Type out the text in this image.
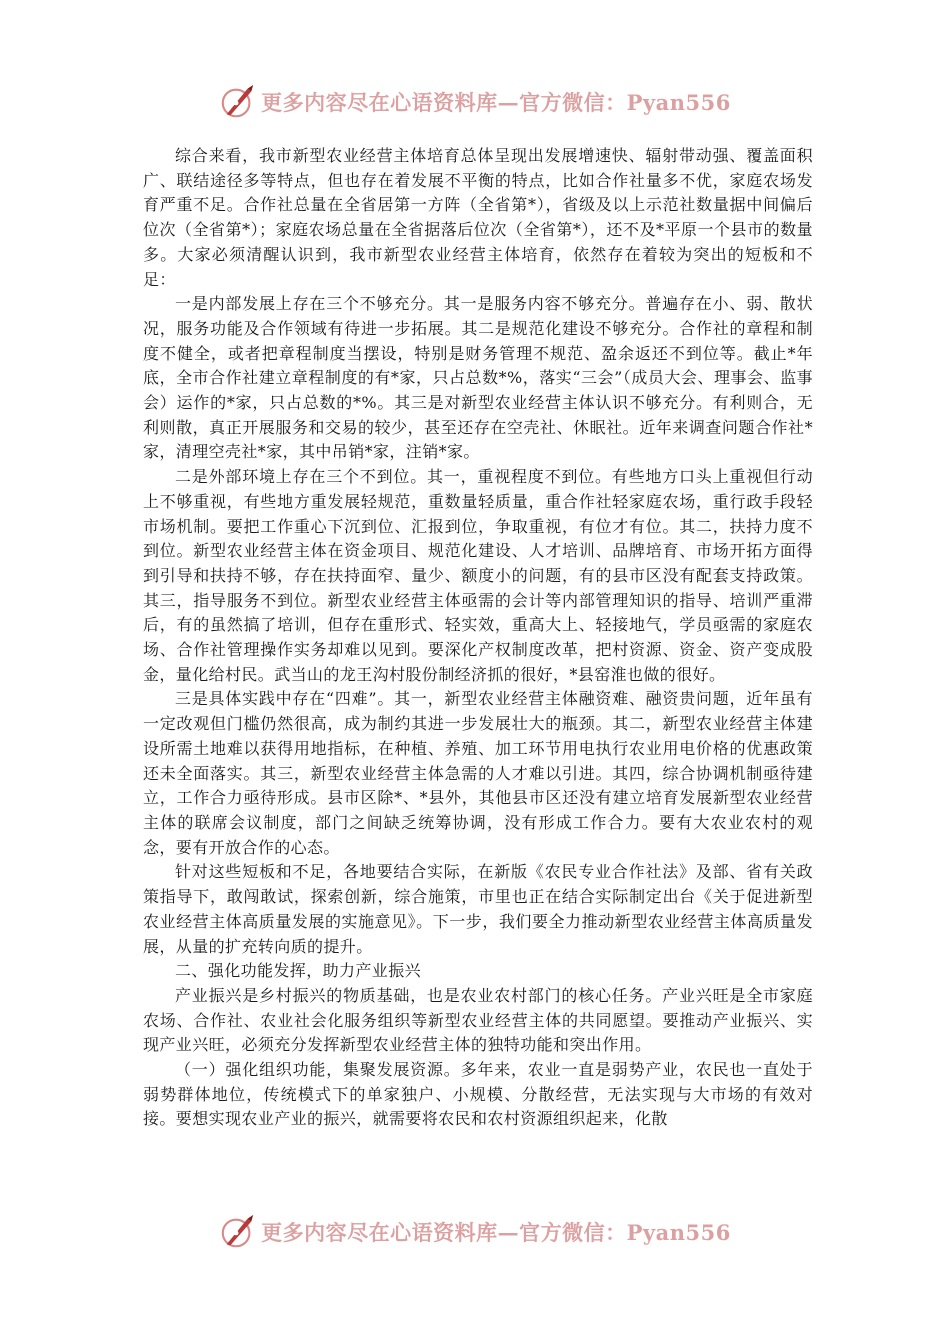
更多内容尽在心语资料库—官方微信：Pyan556

综合来看，我市新型农业经营主体培育总体呈现出发展增速快、辐射带动强、覆盖面积广、联结途径多等特点，但也存在着发展不平衡的特点，比如合作社量多不优，家庭农场发育严重不足。合作社总量在全省居第一方阵（全省第*），省级及以上示范社数量据中间偏后位次（全省第*）；家庭农场总量在全省据落后位次（全省第*），还不及*平原一个县市的数量多。大家必须清醒认识到，我市新型农业经营主体培育，依然存在着较为突出的短板和不足：

一是内部发展上存在三个不够充分。其一是服务内容不够充分。普遍存在小、弱、散状况，服务功能及合作领域有待进一步拓展。其二是规范化建设不够充分。合作社的章程和制度不健全，或者把章程制度当摆设，特别是财务管理不规范、盈余返还不到位等。截止*年底，全市合作社建立章程制度的有*家，只占总数*%，落实“三会”（成员大会、理事会、监事会）运作的*家，只占总数的*%。其三是对新型农业经营主体认识不够充分。有利则合，无利则散，真正开展服务和交易的较少，甚至还存在空壳社、休眠社。近年来调查问题合作社*家，清理空壳社*家，其中吊销*家，注销*家。

二是外部环境上存在三个不到位。其一，重视程度不到位。有些地方口头上重视但行动上不够重视，有些地方重发展轻规范，重数量轻质量，重合作社轻家庭农场，重行政手段轻市场机制。要把工作重心下沉到位、汇报到位，争取重视，有位才有位。其二，扶持力度不到位。新型农业经营主体在资金项目、规范化建设、人才培训、品牌培育、市场开拓方面得到引导和扶持不够，存在扶持面窄、量少、额度小的问题，有的县市区没有配套支持政策。其三，指导服务不到位。新型农业经营主体亟需的会计等内部管理知识的指导、培训严重滞后，有的虽然搞了培训，但存在重形式、轻实效，重高大上、轻接地气，学员亟需的家庭农场、合作社管理操作实务却难以见到。要深化产权制度改革，把村资源、资金、资产变成股金，量化给村民。武当山的龙王沟村股份制经济抓的很好，*县窑淮也做的很好。

三是具体实践中存在“四难”。其一，新型农业经营主体融资难、融资贵问题，近年虽有一定改观但门槛仍然很高，成为制约其进一步发展壮大的瓶颈。其二，新型农业经营主体建设所需土地难以获得用地指标，在种植、养殖、加工环节用电执行农业用电价格的优惠政策还未全面落实。其三，新型农业经营主体急需的人才难以引进。其四，综合协调机制亟待建立，工作合力亟待形成。县市区除*、*县外，其他县市区还没有建立培育发展新型农业经营主体的联席会议制度，部门之间缺乏统筹协调，没有形成工作合力。要有大农业农村的观念，要有开放合作的心态。

针对这些短板和不足，各地要结合实际，在新版《农民专业合作社法》及部、省有关政策指导下，敢闯敢试，探索创新，综合施策，市里也正在结合实际制定出台《关于促进新型农业经营主体高质量发展的实施意见》。下一步，我们要全力推动新型农业经营主体高质量发展，从量的扩充转向质的提升。

二、强化功能发挥，助力产业振兴

产业振兴是乡村振兴的物质基础，也是农业农村部门的核心任务。产业兴旺是全市家庭农场、合作社、农业社会化服务组织等新型农业经营主体的共同愿望。要推动产业振兴、实现产业兴旺，必须充分发挥新型农业经营主体的独特功能和突出作用。

（一）强化组织功能，集聚发展资源。多年来，农业一直是弱势产业，农民也一直处于弱势群体地位，传统模式下的单家独户、小规模、分散经营，无法实现与大市场的有效对接。要想实现农业产业的振兴，就需要将农民和农村资源组织起来，化散

更多内容尽在心语资料库—官方微信：Pyan556
